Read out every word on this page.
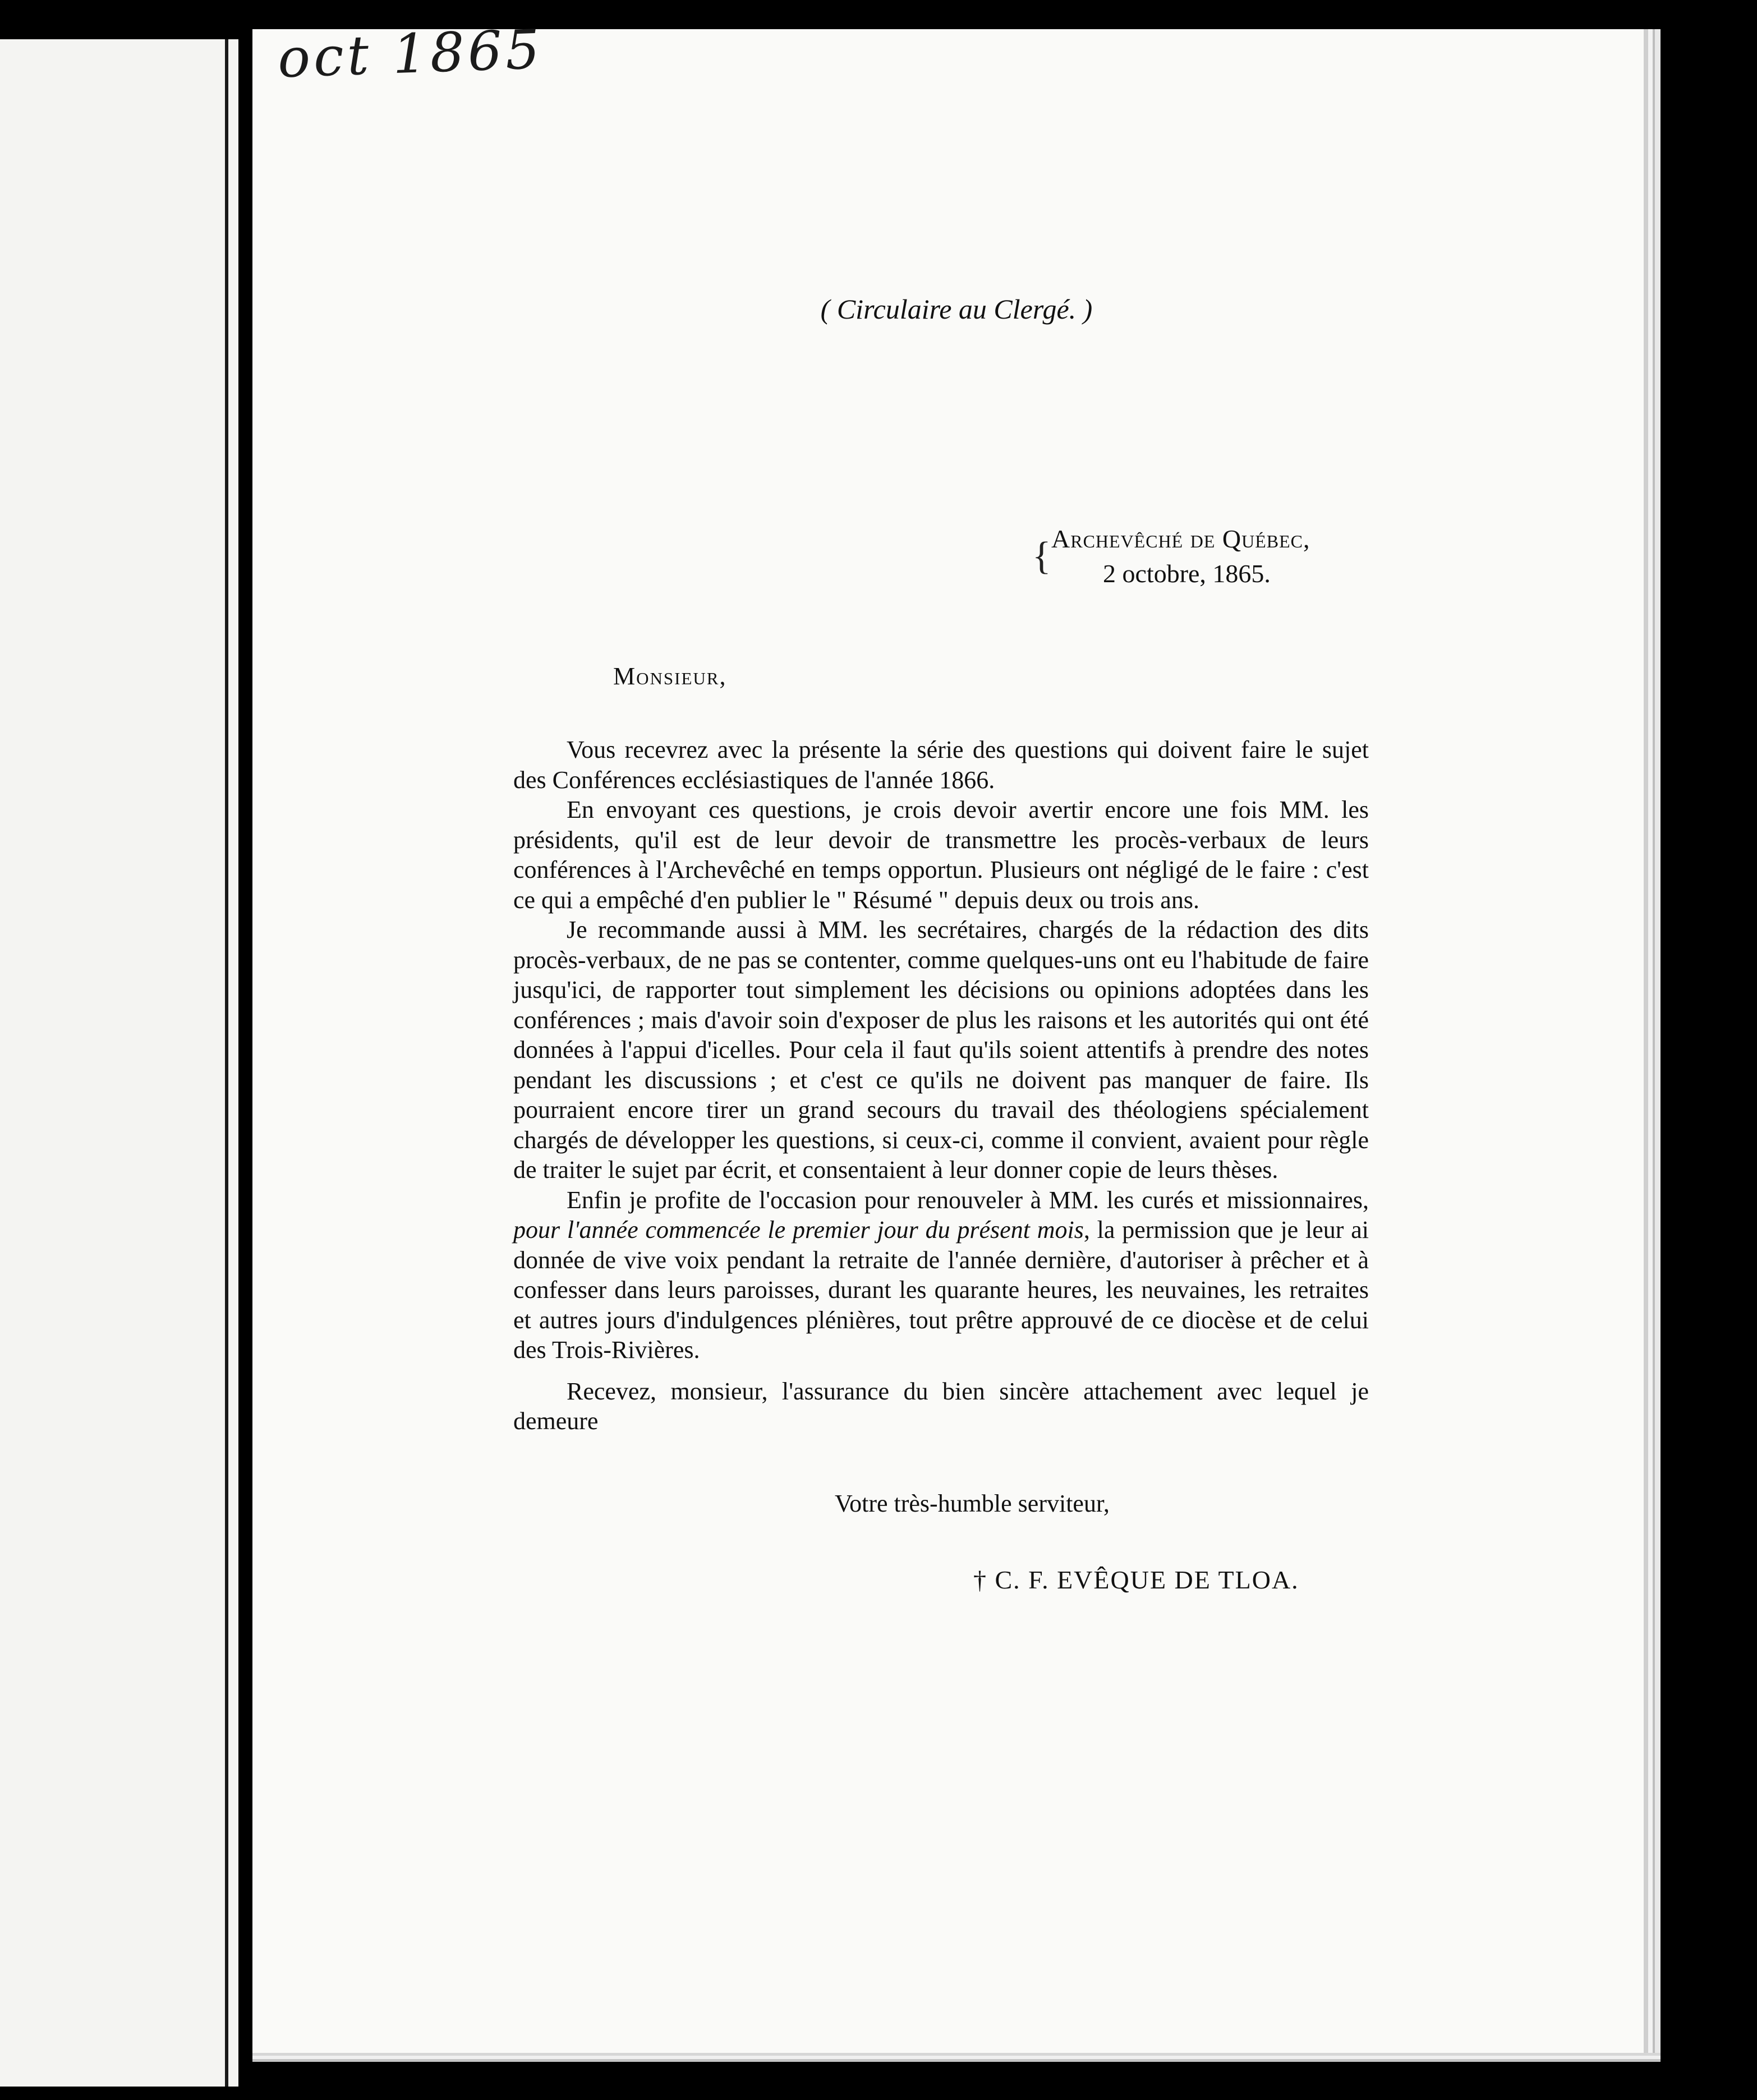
oct 1865
( Circulaire au Clergé. )
{ Archevêché de Québec,
2 octobre, 1865.
Monsieur,

Vous recevrez avec la présente la série des questions qui doivent faire le sujet des Conférences ecclésiastiques de l'année 1866.

En envoyant ces questions, je crois devoir avertir encore une fois MM. les présidents, qu'il est de leur devoir de transmettre les procès-verbaux de leurs conférences à l'Archevêché en temps opportun. Plusieurs ont négligé de le faire : c'est ce qui a empêché d'en publier le " Résumé " depuis deux ou trois ans.

Je recommande aussi à MM. les secrétaires, chargés de la rédaction des dits procès-verbaux, de ne pas se contenter, comme quelques-uns ont eu l'habitude de faire jusqu'ici, de rapporter tout simplement les décisions ou opinions adoptées dans les conférences ; mais d'avoir soin d'exposer de plus les raisons et les autorités qui ont été données à l'appui d'icelles. Pour cela il faut qu'ils soient attentifs à prendre des notes pendant les discussions ; et c'est ce qu'ils ne doivent pas manquer de faire. Ils pourraient encore tirer un grand secours du travail des théologiens spécialement chargés de développer les questions, si ceux-ci, comme il convient, avaient pour règle de traiter le sujet par écrit, et consentaient à leur donner copie de leurs thèses.

Enfin je profite de l'occasion pour renouveler à MM. les curés et missionnaires, pour l'année commencée le premier jour du présent mois, la permission que je leur ai donnée de vive voix pendant la retraite de l'année dernière, d'autoriser à prêcher et à confesser dans leurs paroisses, durant les quarante heures, les neuvaines, les retraites et autres jours d'indulgences plénières, tout prêtre approuvé de ce diocèse et de celui des Trois-Rivières.

Recevez, monsieur, l'assurance du bien sincère attachement avec lequel je demeure

Votre très-humble serviteur,
† C. F. EVÊQUE DE TLOA.
